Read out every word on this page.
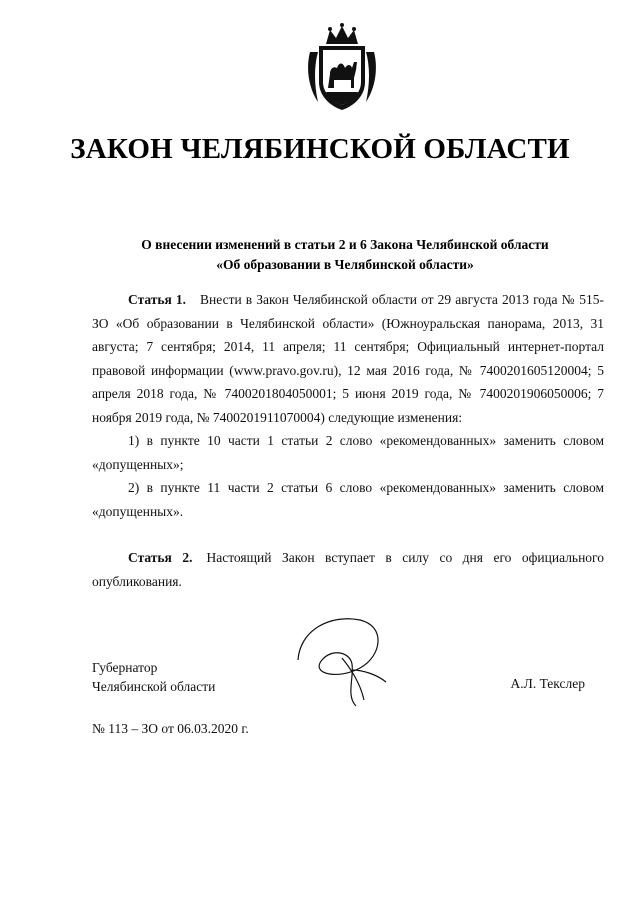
ЗАКОН ЧЕЛЯБИНСКОЙ ОБЛАСТИ
О внесении изменений в статьи 2 и 6 Закона Челябинской области
«Об образовании в Челябинской области»

Статья 1. Внести в Закон Челябинской области от 29 августа 2013 года № 515-ЗО «Об образовании в Челябинской области» (Южноуральская панорама, 2013, 31 августа; 7 сентября; 2014, 11 апреля; 11 сентября; Официальный интернет-портал правовой информации (www.pravo.gov.ru), 12 мая 2016 года, № 7400201605120004; 5 апреля 2018 года, № 7400201804050001; 5 июня 2019 года, № 7400201906050006; 7 ноября 2019 года, № 7400201911070004) следующие изменения:

1) в пункте 10 части 1 статьи 2 слово «рекомендованных» заменить словом «допущенных»;

2) в пункте 11 части 2 статьи 6 слово «рекомендованных» заменить словом «допущенных».

Статья 2. Настоящий Закон вступает в силу со дня его официального опубликования.

Губернатор
Челябинской области	А.Л. Текслер
№ 113 – ЗО от 06.03.2020 г.
